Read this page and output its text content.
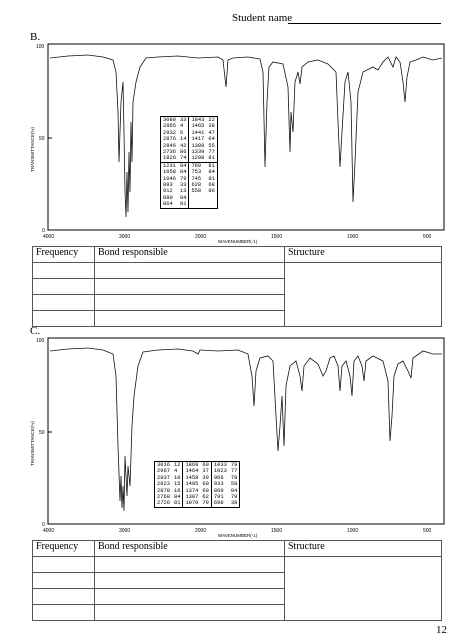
Student name
B.
100
50
0
TRANSMITTANCE(%)
4000	3000	2000	1500	1000	500
WAVENUMBER(-1)
3080	33	1843	22
2865	4	1465	38
2932	6	1441	47
2876	14	1417	64
2846	42	1388	55
2736	86	1339	77
1826	74	1288	81
1231	84	760	81
1058	84	753	84
1046	79	745	81
893	33	628	68
912	13	558	86
880	84		
864	81		
Frequency	Bond responsible	Structure

C.
100
50
0
TRANSMITTANCE(%)
4000	3000	2000	1500	1000	500
WAVENUMBER(-1)
3016	12	1868	60	1033	79
2967	4	1464	37	1023	77
2937	10	1458	39	966	79
2923	15	1405	60	933	58
2878	16	1374	60	860	84
2768	84	1307	62	791	79
2726	81	1070	79	698	38
Frequency	Bond responsible	Structure

12
